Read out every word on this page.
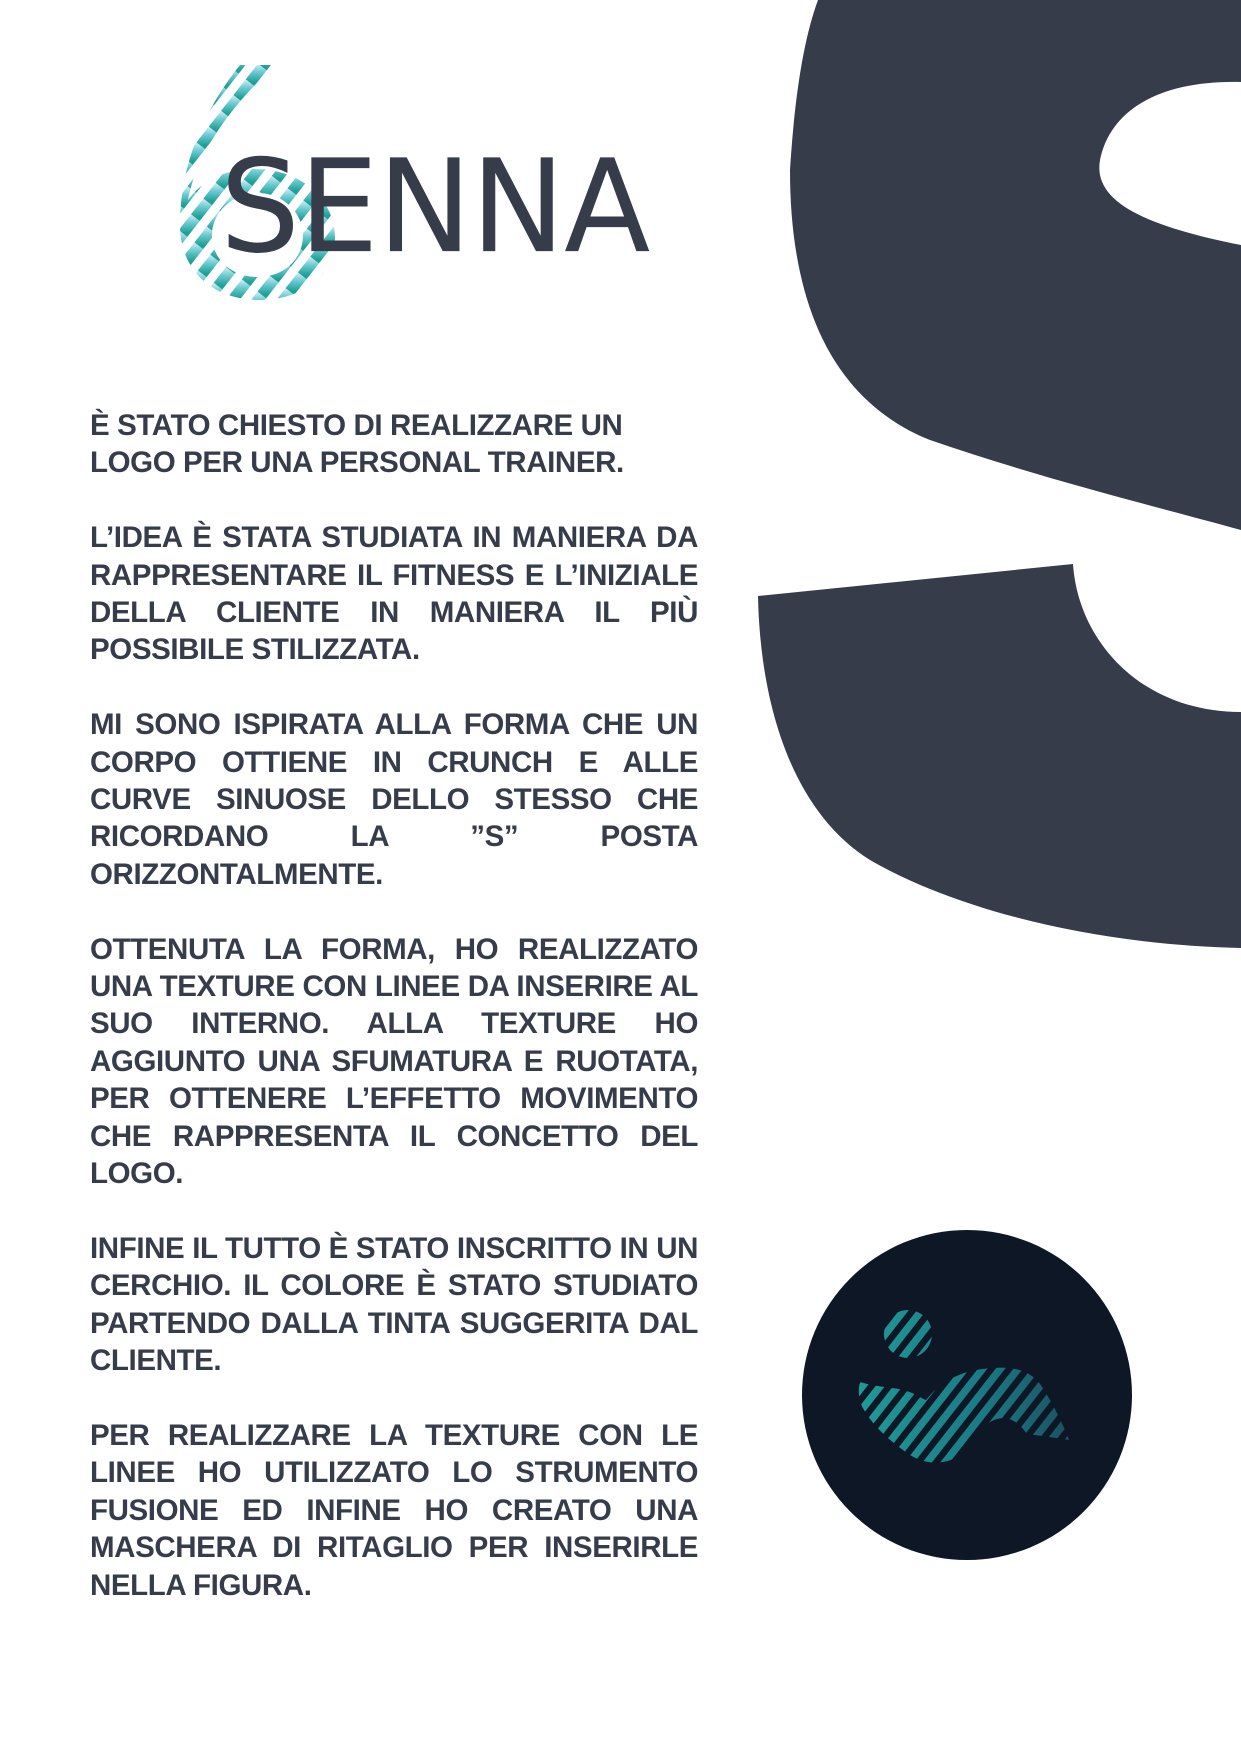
SENNA

È STATO CHIESTO DI REALIZZARE UN LOGO PER UNA PERSONAL TRAINER.

L’IDEA È STATA STUDIATA IN MANIERA DA RAPPRESENTARE IL FITNESS E L’INIZIALE DELLA CLIENTE IN MANIERA IL PIÙ POSSIBILE STILIZZATA.

MI SONO ISPIRATA ALLA FORMA CHE UN CORPO OTTIENE IN CRUNCH E ALLE CURVE SINUOSE DELLO STESSO CHE RICORDANO LA ”S” POSTA ORIZZONTALMENTE.

OTTENUTA LA FORMA, HO REALIZZATO UNA TEXTURE CON LINEE DA INSERIRE AL SUO INTERNO. ALLA TEXTURE HO AGGIUNTO UNA SFUMATURA E RUOTATA, PER OTTENERE L’EFFETTO MOVIMENTO CHE RAPPRESENTA IL CONCETTO DEL LOGO.

INFINE IL TUTTO È STATO INSCRITTO IN UN CERCHIO. IL COLORE È STATO STUDIATO PARTENDO DALLA TINTA SUGGERITA DAL CLIENTE.

PER REALIZZARE LA TEXTURE CON LE LINEE HO UTILIZZATO LO STRUMENTO FUSIONE ED INFINE HO CREATO UNA MASCHERA DI RITAGLIO PER INSERIRLE NELLA FIGURA.
